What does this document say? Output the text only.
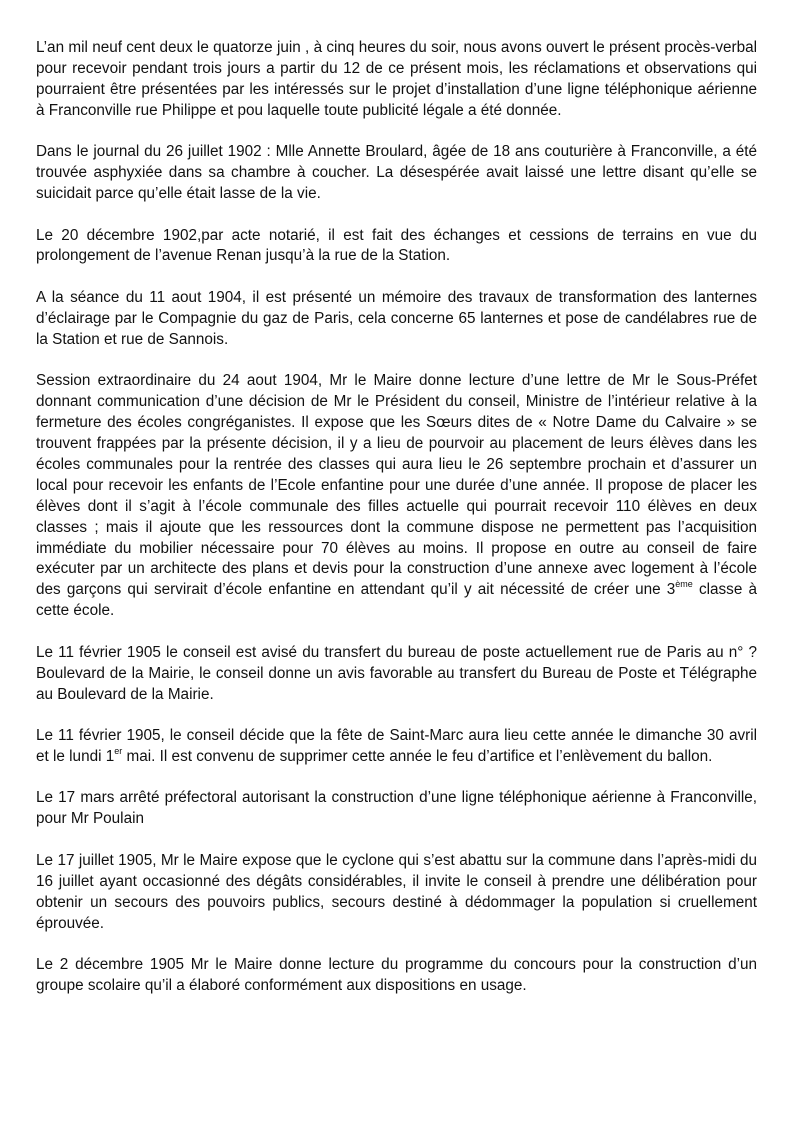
L’an mil neuf cent deux le quatorze juin , à cinq heures du soir, nous avons ouvert le présent procès-verbal pour recevoir pendant trois jours a partir du 12 de ce présent mois, les réclamations et observations qui pourraient être présentées par les intéressés sur le projet d’installation d’une ligne téléphonique aérienne à Franconville rue Philippe et pou laquelle toute publicité légale a été donnée.

Dans le journal du 26 juillet 1902 : Mlle Annette Broulard, âgée de 18 ans couturière à Franconville, a été trouvée asphyxiée dans sa chambre à coucher. La désespérée avait laissé une lettre disant qu’elle se suicidait parce qu’elle était lasse de la vie.

Le 20 décembre 1902,par acte notarié, il est fait des échanges et cessions de terrains en vue du prolongement de l’avenue Renan jusqu’à la rue de la Station.

A la séance du 11 aout 1904, il est présenté un mémoire des travaux de transformation des lanternes d’éclairage par le Compagnie du gaz de Paris, cela concerne 65 lanternes et pose de candélabres rue de la Station et rue de Sannois.

Session extraordinaire du 24 aout 1904, Mr le Maire donne lecture d’une lettre de Mr le Sous-Préfet donnant communication d’une décision de Mr le Président du conseil, Ministre de l’intérieur relative à la fermeture des écoles congréganistes. Il expose que les Sœurs dites de « Notre Dame du Calvaire » se trouvent frappées par la présente décision, il y a lieu de pourvoir au placement de leurs élèves dans les écoles communales pour la rentrée des classes qui aura lieu le 26 septembre prochain et d’assurer un local pour recevoir les enfants de l’Ecole enfantine pour une durée d’une année. Il propose de placer les élèves dont il s’agit à l’école communale des filles actuelle qui pourrait recevoir 110 élèves en deux classes ; mais il ajoute que les ressources dont la commune dispose ne permettent pas l’acquisition immédiate du mobilier nécessaire pour 70 élèves au moins. Il propose en outre au conseil de faire exécuter par un architecte des plans et devis pour la construction d’une annexe avec logement à l’école des garçons qui servirait d’école enfantine en attendant qu’il y ait nécessité de créer une 3ème classe à cette école.

Le 11 février 1905 le conseil est avisé du transfert du bureau de poste actuellement rue de Paris au n° ? Boulevard de la Mairie, le conseil donne un avis favorable au transfert du Bureau de Poste et Télégraphe au Boulevard de la Mairie.

Le 11 février 1905, le conseil décide que la fête de Saint-Marc aura lieu cette année le dimanche 30 avril et le lundi 1er mai. Il est convenu de supprimer cette année le feu d’artifice et l’enlèvement du ballon.

Le 17 mars arrêté préfectoral autorisant la construction d’une ligne téléphonique aérienne à Franconville, pour Mr Poulain

Le 17 juillet 1905, Mr le Maire expose que le cyclone qui s’est abattu sur la commune dans l’après-midi du 16 juillet ayant occasionné des dégâts considérables, il invite le conseil à prendre une délibération pour obtenir un secours des pouvoirs publics, secours destiné à dédommager la population si cruellement éprouvée.

Le 2 décembre 1905 Mr le Maire donne lecture du programme du concours pour la construction d’un groupe scolaire qu’il a élaboré conformément aux dispositions en usage.
